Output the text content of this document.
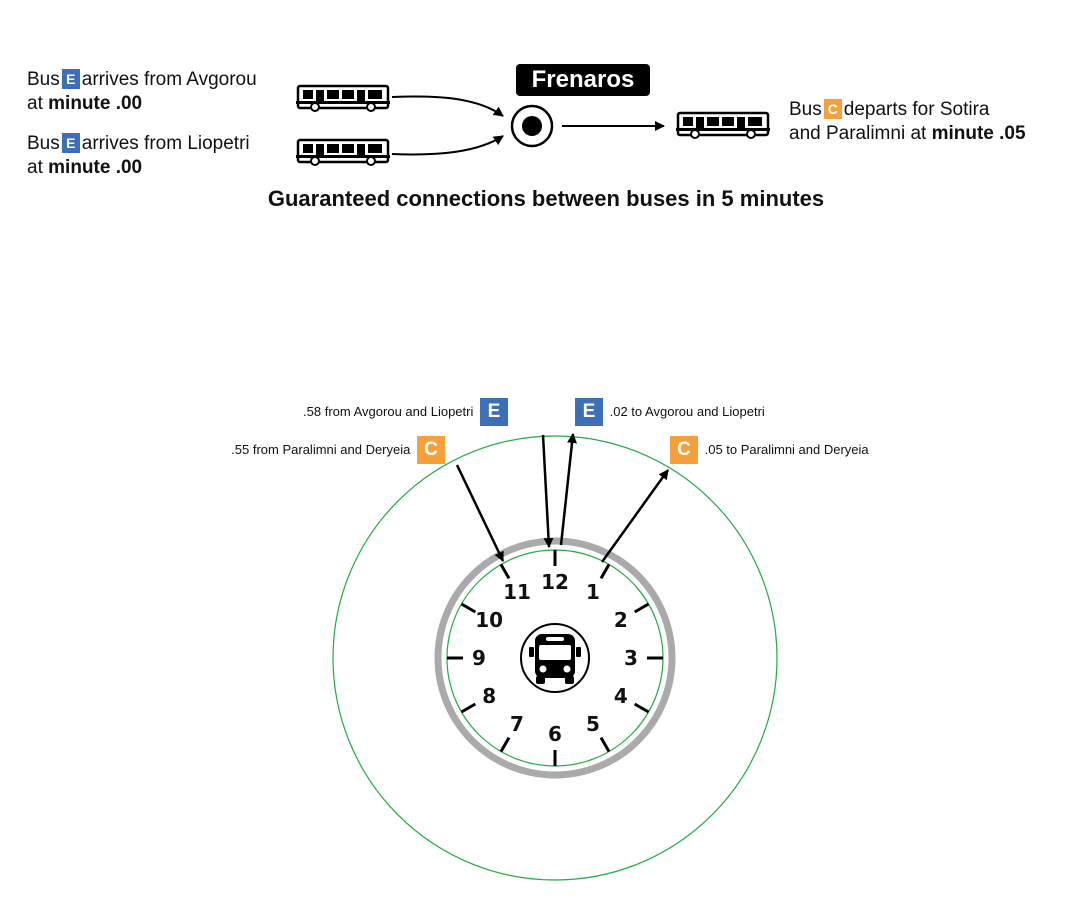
12 1
2
3
4
5
6
7
8
9
10
11
Bus E arrives from Avgorou
at minute .00
Bus E arrives from Liopetri
at minute .00
Bus C departs for Sotira
and Paralimni at minute .05
Frenaros
Guaranteed connections between buses in 5 minutes
.58 from Avgorou and Liopetri E	E .02 to Avgorou and Liopetri
.55 from Paralimni and Deryeia C	C .05 to Paralimni and Deryeia
